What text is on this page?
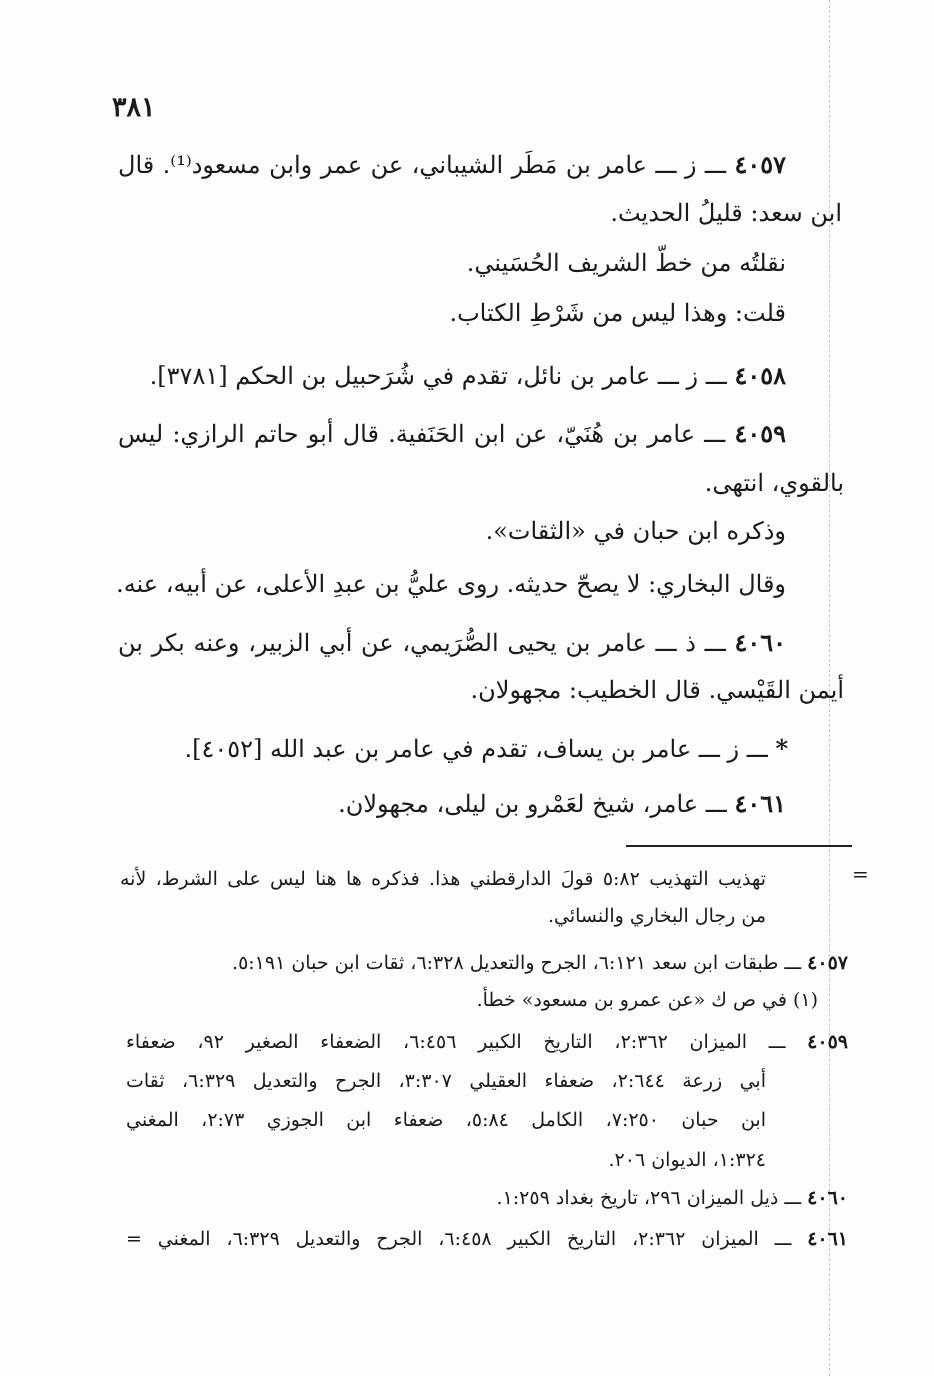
٣٨١
٤٠٥٧ ـــ ز ـــ عامر بن مَطَر الشيباني، عن عمر وابن مسعود⁽¹⁾. قال
ابن سعد: قليلُ الحديث.
نقلتُه من خطّ الشريف الحُسَيني.
قلت: وهذا ليس من شَرْطِ الكتاب.
٤٠٥٨ ـــ ز ـــ عامر بن نائل، تقدم في شُرَحبيل بن الحكم [٣٧٨١].
٤٠٥٩ ـــ عامر بن هُنَيّ، عن ابن الحَنَفية. قال أبو حاتم الرازي: ليس
بالقوي، انتهى.
وذكره ابن حبان في «الثقات».
وقال البخاري: لا يصحّ حديثه. روى عليُّ بن عبدِ الأعلى، عن أبيه، عنه.
٤٠٦٠ ـــ ذ ـــ عامر بن يحيى الصُّرَيمي، عن أبي الزبير، وعنه بكر بن
أيمن القَيْسي. قال الخطيب: مجهولان.
* ـــ ز ـــ عامر بن يساف، تقدم في عامر بن عبد الله [٤٠٥٢].
٤٠٦١ ـــ عامر، شيخ لعَمْرو بن ليلى، مجهولان.
=
تهذيب التهذيب ٥:٨٢ قولَ الدارقطني هذا. فذكره ها هنا ليس على الشرط، لأنه
من رجال البخاري والنسائي.
٤٠٥٧ ـــ طبقات ابن سعد ٦:١٢١، الجرح والتعديل ٦:٣٢٨، ثقات ابن حبان ٥:١٩١.
(١) في ص ك «عن عمرو بن مسعود» خطأ.
٤٠٥٩ ـــ الميزان ٢:٣٦٢، التاريخ الكبير ٦:٤٥٦، الضعفاء الصغير ٩٢، ضعفاء
أبي زرعة ٢:٦٤٤، ضعفاء العقيلي ٣:٣٠٧، الجرح والتعديل ٦:٣٢٩، ثقات
ابن حبان ٧:٢٥٠، الكامل ٥:٨٤، ضعفاء ابن الجوزي ٢:٧٣، المغني
١:٣٢٤، الديوان ٢٠٦.
٤٠٦٠ ـــ ذيل الميزان ٢٩٦، تاريخ بغداد ١:٢٥٩.
٤٠٦١ ـــ الميزان ٢:٣٦٢، التاريخ الكبير ٦:٤٥٨، الجرح والتعديل ٦:٣٢٩، المغني =
